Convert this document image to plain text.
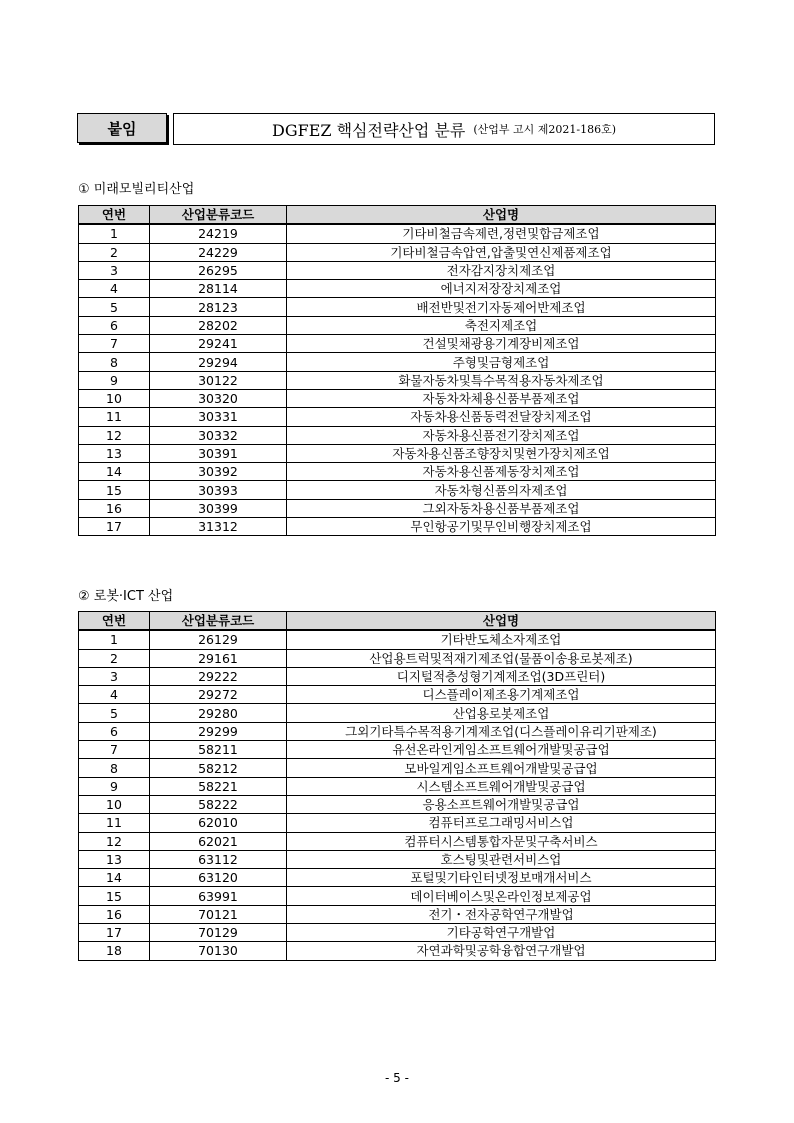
붙임	DGFEZ 핵심전략산업 분류 (산업부 고시 제2021-186호)
① 미래모빌리티산업
연번	산업분류코드	산업명
1	24219	기타비철금속제련,정련및합금제조업
2	24229	기타비철금속압연,압출및연신제품제조업
3	26295	전자감지장치제조업
4	28114	에너지저장장치제조업
5	28123	배전반및전기자동제어반제조업
6	28202	축전지제조업
7	29241	건설및채광용기계장비제조업
8	29294	주형및금형제조업
9	30122	화물자동차및특수목적용자동차제조업
10	30320	자동차차체용신품부품제조업
11	30331	자동차용신품동력전달장치제조업
12	30332	자동차용신품전기장치제조업
13	30391	자동차용신품조향장치및현가장치제조업
14	30392	자동차용신품제동장치제조업
15	30393	자동차형신품의자제조업
16	30399	그외자동차용신품부품제조업
17	31312	무인항공기및무인비행장치제조업
② 로봇·ICT 산업
연번	산업분류코드	산업명
1	26129	기타반도체소자제조업
2	29161	산업용트럭및적재기제조업(물품이송용로봇제조)
3	29222	디지털적층성형기계제조업(3D프린터)
4	29272	디스플레이제조용기계제조업
5	29280	산업용로봇제조업
6	29299	그외기타특수목적용기계제조업(디스플레이유리기판제조)
7	58211	유선온라인게임소프트웨어개발및공급업
8	58212	모바일게임소프트웨어개발및공급업
9	58221	시스템소프트웨어개발및공급업
10	58222	응용소프트웨어개발및공급업
11	62010	컴퓨터프로그래밍서비스업
12	62021	컴퓨터시스템통합자문및구축서비스
13	63112	호스팅및관련서비스업
14	63120	포털및기타인터넷정보매개서비스
15	63991	데이터베이스및온라인정보제공업
16	70121	전기・전자공학연구개발업
17	70129	기타공학연구개발업
18	70130	자연과학및공학융합연구개발업
- 5 -
